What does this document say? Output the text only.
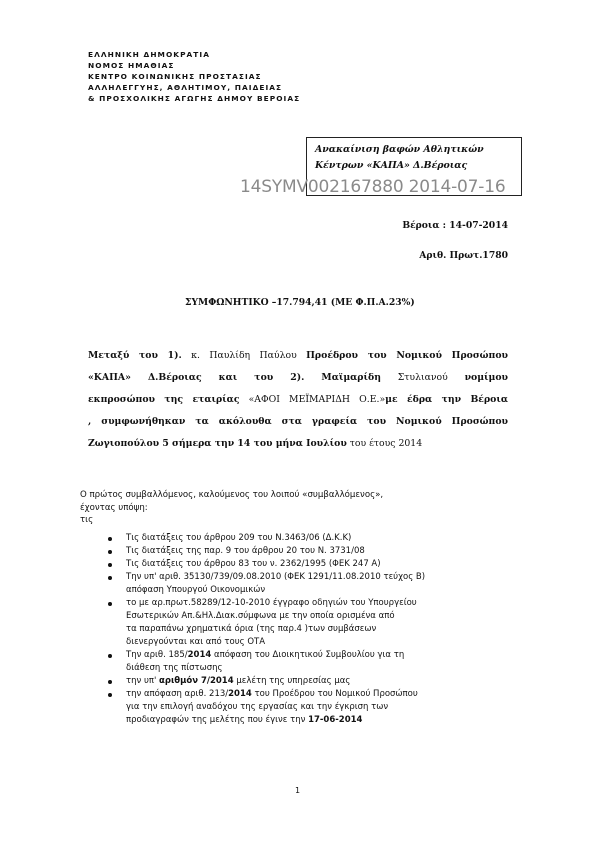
ΕΛΛΗΝΙΚΗ ΔΗΜΟΚΡΑΤΙΑ
ΝΟΜΟΣ ΗΜΑΘΙΑΣ
ΚΕΝΤΡΟ ΚΟΙΝΩΝΙΚΗΣ ΠΡΟΣΤΑΣΙΑΣ
ΑΛΛΗΛΕΓΓΥΗΣ, ΑΘΛΗΤΙΜΟΥ, ΠΑΙΔΕΙΑΣ
& ΠΡΟΣΧΟΛΙΚΗΣ ΑΓΩΓΗΣ ΔΗΜΟΥ ΒΕΡΟΙΑΣ
Ανακαίνιση βαφών Αθλητικών
Κέντρων «ΚΑΠΑ» Δ.Βέροιας
14SYMV002167880 2014-07-16
Βέροια : 14-07-2014
Αριθ. Πρωτ.1780
ΣΥΜΦΩΝΗΤΙΚΟ –17.794,41 (ΜΕ Φ.Π.Α.23%)
Μεταξύ του 1). κ. Παυλίδη Παύλου Προέδρου του Νομικού Προσώπου
«ΚΑΠΑ» Δ.Βέροιας και του 2). Μαϊμαρίδη Στυλιανού νομίμου
εκπροσώπου της εταιρίας «ΑΦΟΙ ΜΕΪΜΑΡΙΔΗ Ο.Ε.»με έδρα την Βέροια
, συμφωνήθηκαν τα ακόλουθα στα γραφεία του Νομικού Προσώπου
Ζωγιοπούλου 5 σήμερα την 14 του μήνα Ιουλίου του έτους 2014
Ο πρώτος συμβαλλόμενος, καλούμενος του λοιπού «συμβαλλόμενος»,
έχοντας υπόψη:
τις
Τις διατάξεις του άρθρου 209 του Ν.3463/06 (Δ.Κ.Κ)
Τις διατάξεις της παρ. 9 του άρθρου 20 του Ν. 3731/08
Τις διατάξεις του άρθρου 83 του ν. 2362/1995 (ΦΕΚ 247 Α)
Την υπ' αριθ. 35130/739/09.08.2010 (ΦΕΚ 1291/11.08.2010 τεύχος Β)
απόφαση Υπουργού Οικονομικών
το με αρ.πρωτ.58289/12-10-2010 έγγραφο οδηγιών του Υπουργείου
Εσωτερικών Απ.&Ηλ.Διακ.σύμφωνα με την οποία ορισμένα από
τα παραπάνω χρηματικά όρια (της παρ.4 )των συμβάσεων
διενεργούνται και από τους ΟΤΑ
Την αριθ. 185/2014 απόφαση του Διοικητικού Συμβουλίου για τη
διάθεση της πίστωσης
την υπ' αριθμόν 7/2014 μελέτη της υπηρεσίας μας
την απόφαση αριθ. 213/2014 του Προέδρου του Νομικού Προσώπου
για την επιλογή αναδόχου της εργασίας και την έγκριση των
προδιαγραφών της μελέτης που έγινε την 17-06-2014
1
